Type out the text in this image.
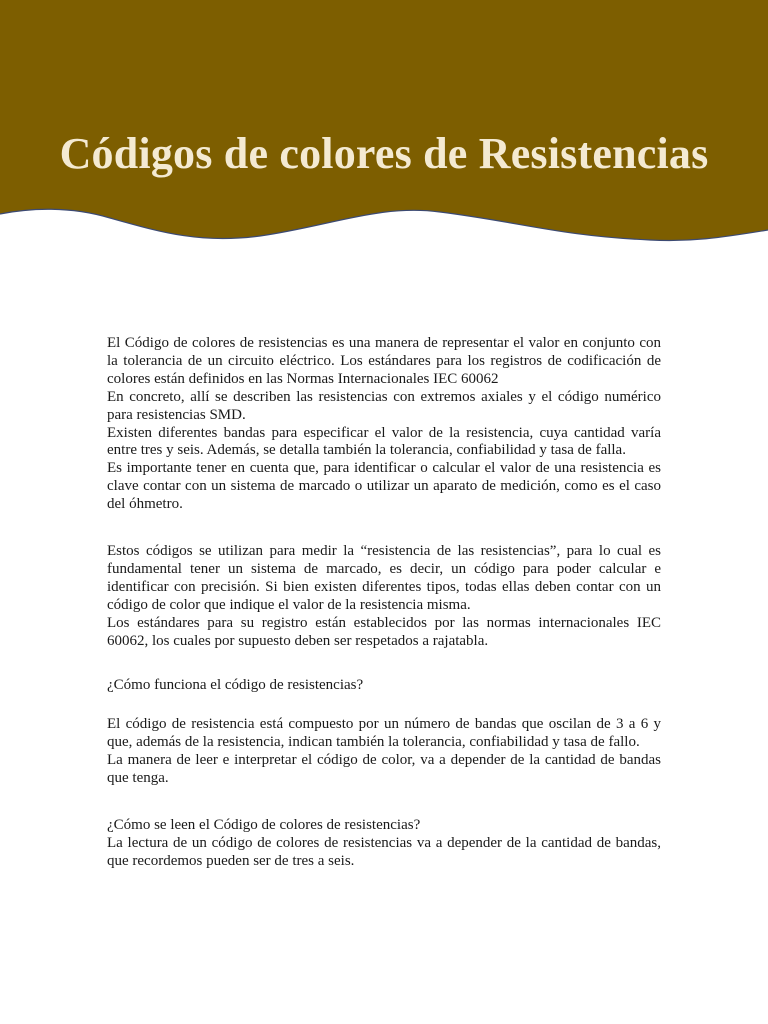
Códigos de colores de Resistencias

El Código de colores de resistencias es una manera de representar el valor en conjunto con la tolerancia de un circuito eléctrico. Los estándares para los registros de codificación de colores están definidos en las Normas Internacionales IEC 60062

En concreto, allí se describen las resistencias con extremos axiales y el código numérico para resistencias SMD.

Existen diferentes bandas para especificar el valor de la resistencia, cuya cantidad varía entre tres y seis. Además, se detalla también la tolerancia, confiabilidad y tasa de falla.

Es importante tener en cuenta que, para identificar o calcular el valor de una resistencia es clave contar con un sistema de marcado o utilizar un aparato de medición, como es el caso del óhmetro.

Estos códigos se utilizan para medir la “resistencia de las resistencias”, para lo cual es fundamental tener un sistema de marcado, es decir, un código para poder calcular e identificar con precisión. Si bien existen diferentes tipos, todas ellas deben contar con un código de color que indique el valor de la resistencia misma.

Los estándares para su registro están establecidos por las normas internacionales IEC 60062, los cuales por supuesto deben ser respetados a rajatabla.

¿Cómo funciona el código de resistencias?

El código de resistencia está compuesto por un número de bandas que oscilan de 3 a 6 y que, además de la resistencia, indican también la tolerancia, confiabilidad y tasa de fallo.

La manera de leer e interpretar el código de color, va a depender de la cantidad de bandas que tenga.

¿Cómo se leen el Código de colores de resistencias?

La lectura de un código de colores de resistencias va a depender de la cantidad de bandas, que recordemos pueden ser de tres a seis.
